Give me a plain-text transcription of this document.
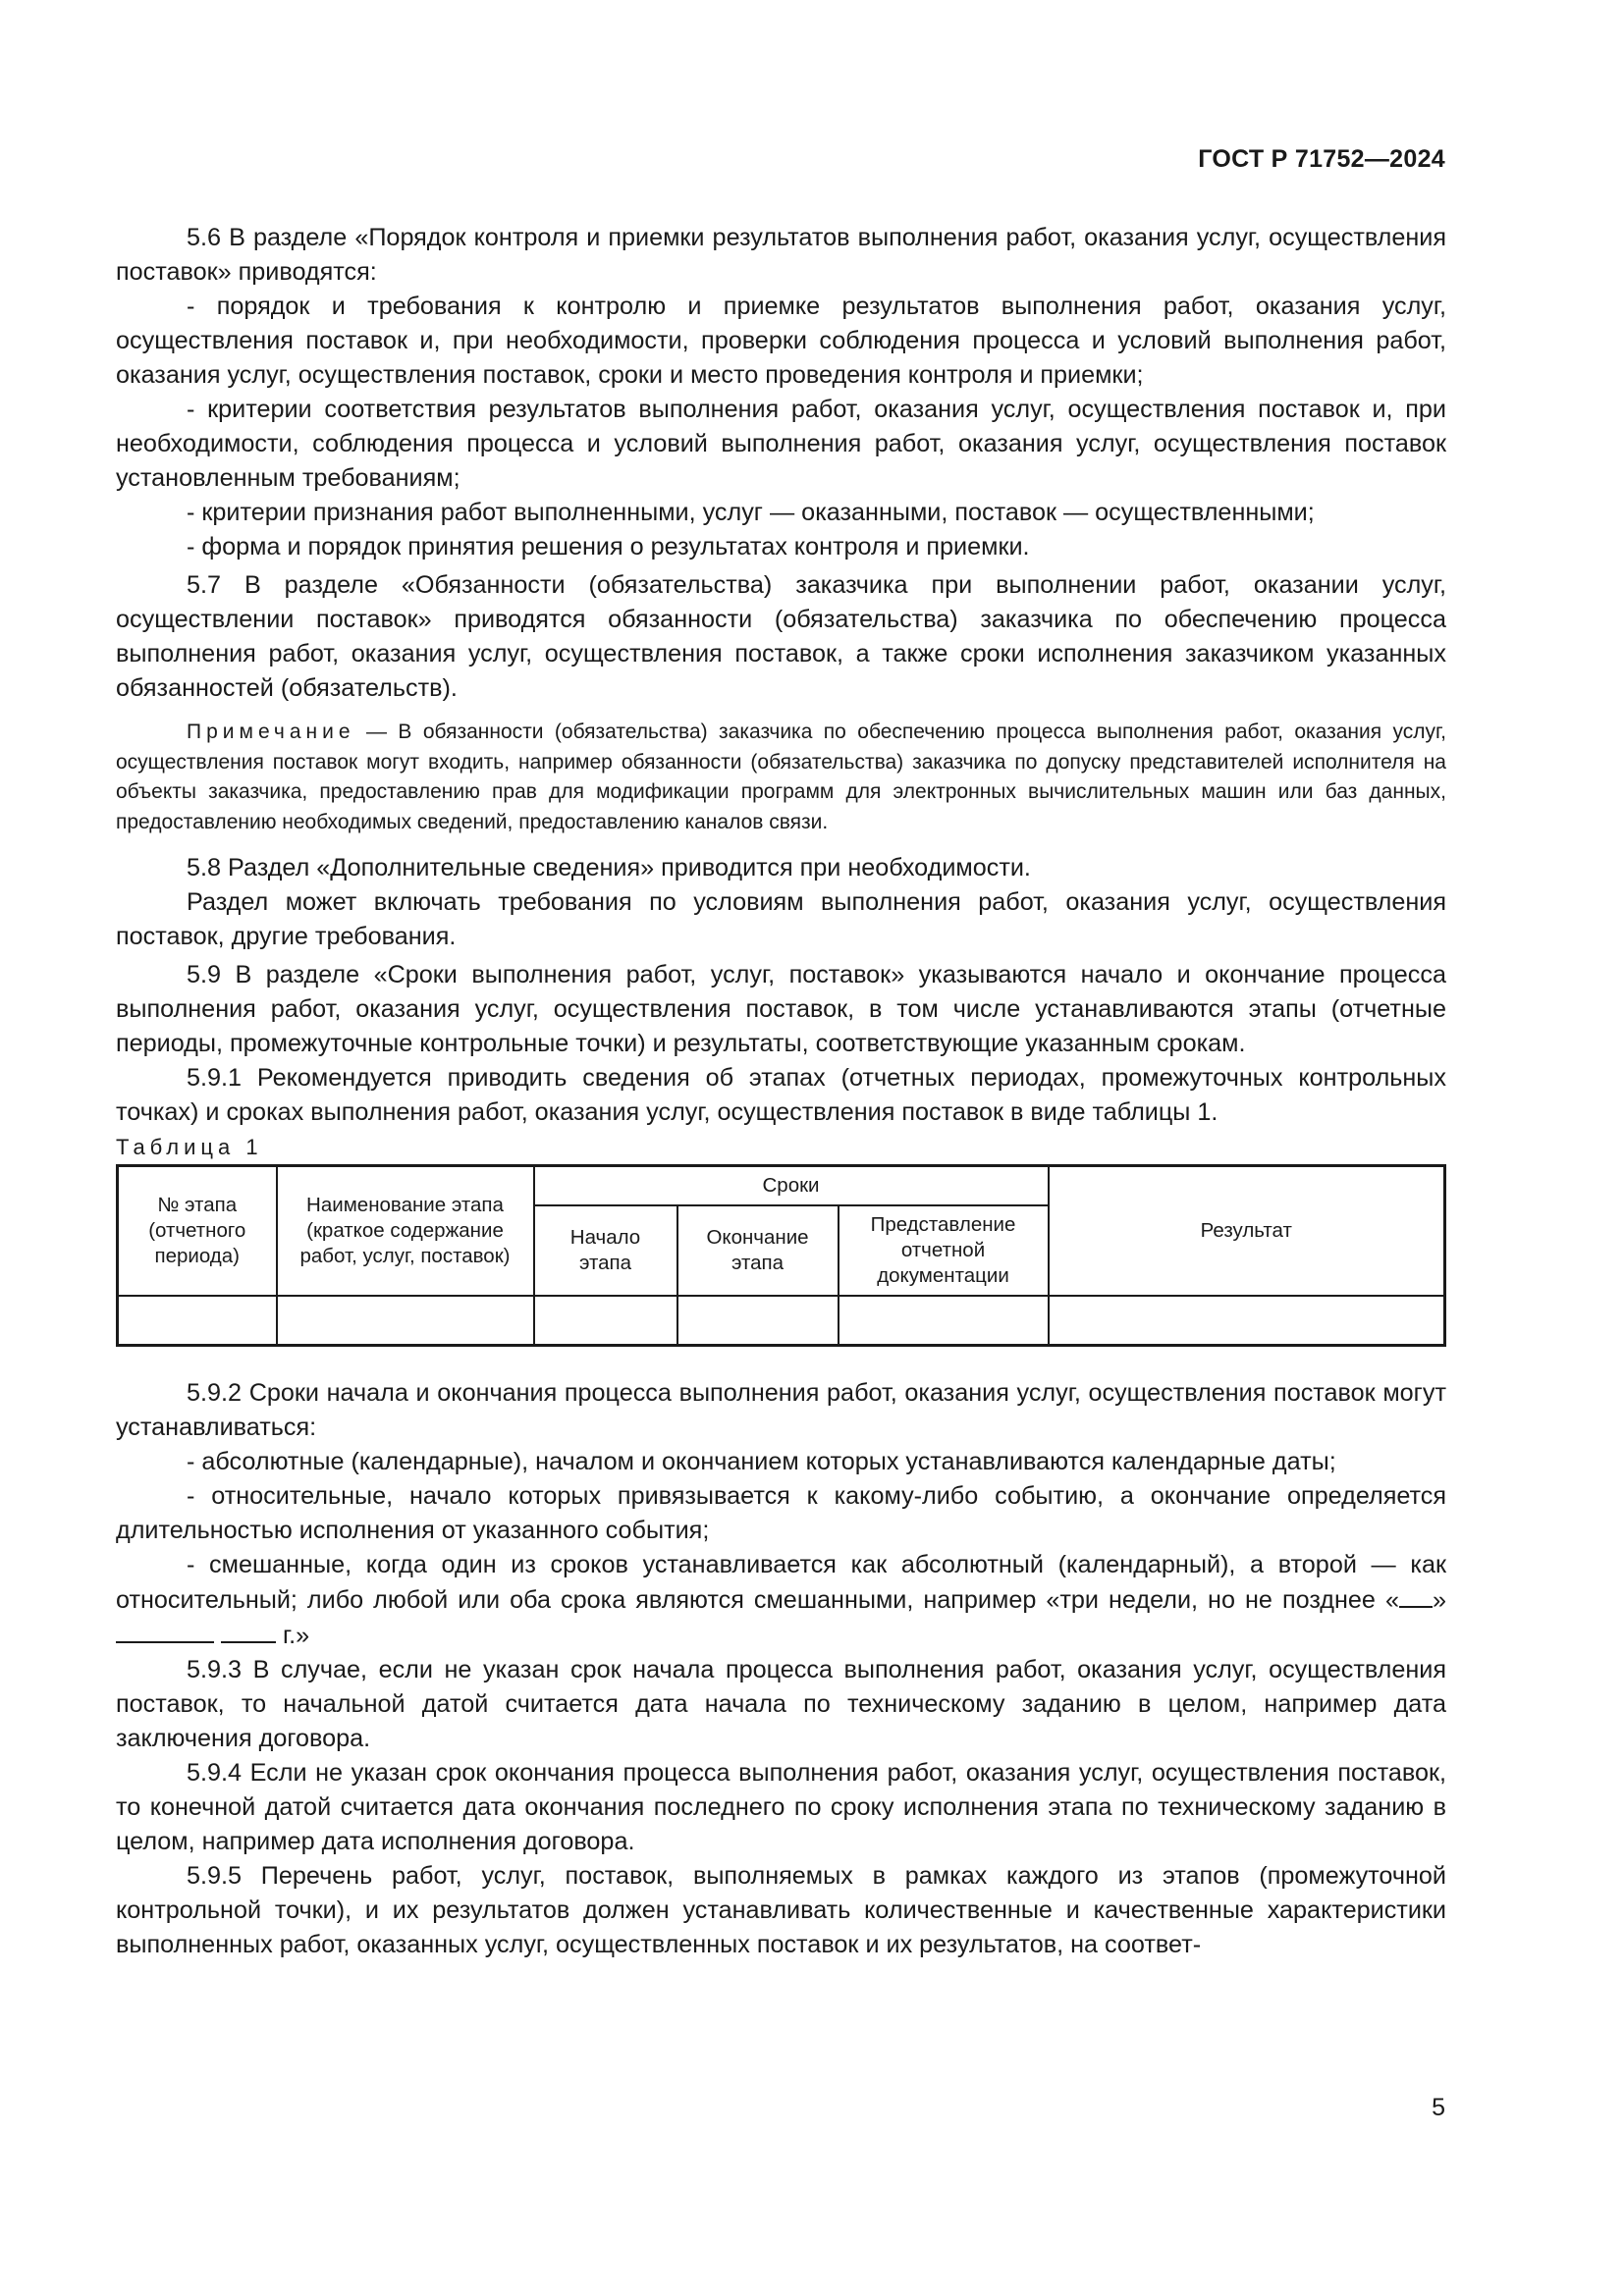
ГОСТ Р 71752—2024

5.6 В разделе «Порядок контроля и приемки результатов выполнения работ, оказания услуг, осуществления поставок» приводятся:

- порядок и требования к контролю и приемке результатов выполнения работ, оказания услуг, осуществления поставок и, при необходимости, проверки соблюдения процесса и условий выполнения работ, оказания услуг, осуществления поставок, сроки и место проведения контроля и приемки;

- критерии соответствия результатов выполнения работ, оказания услуг, осуществления поставок и, при необходимости, соблюдения процесса и условий выполнения работ, оказания услуг, осуществления поставок установленным требованиям;

- критерии признания работ выполненными, услуг — оказанными, поставок — осуществленными;

- форма и порядок принятия решения о результатах контроля и приемки.

5.7 В разделе «Обязанности (обязательства) заказчика при выполнении работ, оказании услуг, осуществлении поставок» приводятся обязанности (обязательства) заказчика по обеспечению процесса выполнения работ, оказания услуг, осуществления поставок, а также сроки исполнения заказчиком указанных обязанностей (обязательств).

Примечание — В обязанности (обязательства) заказчика по обеспечению процесса выполнения работ, оказания услуг, осуществления поставок могут входить, например обязанности (обязательства) заказчика по допуску представителей исполнителя на объекты заказчика, предоставлению прав для модификации программ для электронных вычислительных машин или баз данных, предоставлению необходимых сведений, предоставлению каналов связи.

5.8 Раздел «Дополнительные сведения» приводится при необходимости.

Раздел может включать требования по условиям выполнения работ, оказания услуг, осуществления поставок, другие требования.

5.9 В разделе «Сроки выполнения работ, услуг, поставок» указываются начало и окончание процесса выполнения работ, оказания услуг, осуществления поставок, в том числе устанавливаются этапы (отчетные периоды, промежуточные контрольные точки) и результаты, соответствующие указанным срокам.

5.9.1 Рекомендуется приводить сведения об этапах (отчетных периодах, промежуточных контрольных точках) и сроках выполнения работ, оказания услуг, осуществления поставок в виде таблицы 1.

Таблица 1

№ этапа (отчетного периода)	Наименование этапа (краткое содержание работ, услуг, поставок)	Сроки			Результат
		Начало этапа	Окончание этапа	Представление отчетной документации	

5.9.2 Сроки начала и окончания процесса выполнения работ, оказания услуг, осуществления поставок могут устанавливаться:

- абсолютные (календарные), началом и окончанием которых устанавливаются календарные даты;

- относительные, начало которых привязывается к какому-либо событию, а окончание определяется длительностью исполнения от указанного события;

- смешанные, когда один из сроков устанавливается как абсолютный (календарный), а второй — как относительный; либо любой или оба срока являются смешанными, например «три недели, но не позднее « »  г.»

5.9.3 В случае, если не указан срок начала процесса выполнения работ, оказания услуг, осуществления поставок, то начальной датой считается дата начала по техническому заданию в целом, например дата заключения договора.

5.9.4 Если не указан срок окончания процесса выполнения работ, оказания услуг, осуществления поставок, то конечной датой считается дата окончания последнего по сроку исполнения этапа по техническому заданию в целом, например дата исполнения договора.

5.9.5 Перечень работ, услуг, поставок, выполняемых в рамках каждого из этапов (промежуточной контрольной точки), и их результатов должен устанавливать количественные и качественные характеристики выполненных работ, оказанных услуг, осуществленных поставок и их результатов, на соответ-

5
